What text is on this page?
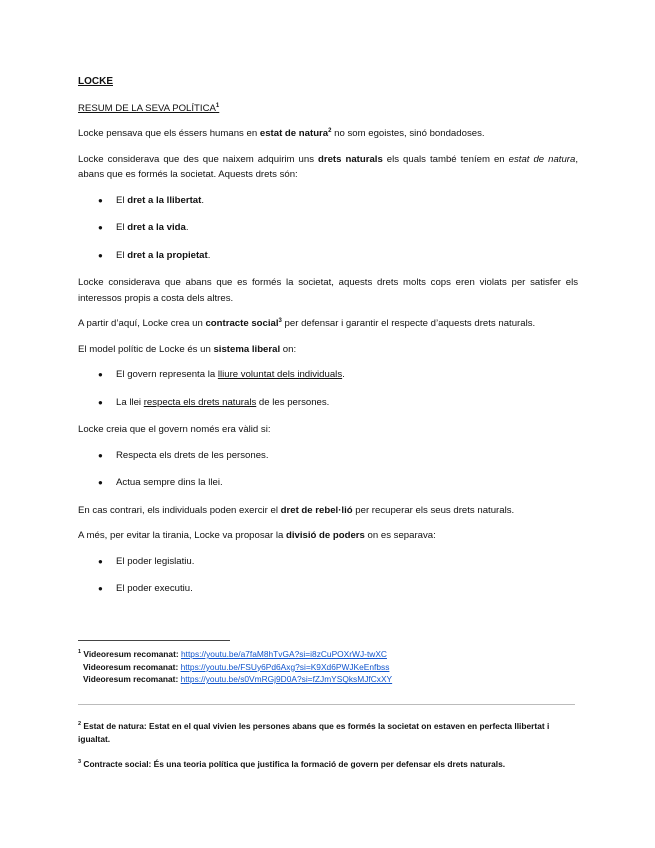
LOCKE
RESUM DE LA SEVA POLÍTICA$^1$

Locke pensava que els éssers humans en estat de natura$^2$ no som egoistes, sinó bondadoses.

Locke considerava que des que naixem adquirim uns drets naturals els quals també teníem en estat de natura, abans que es formés la societat. Aquests drets són:

● El dret a la llibertat.
● El dret a la vida.
● El dret a la propietat.

Locke considerava que abans que es formés la societat, aquests drets molts cops eren violats per satisfer els interessos propis a costa dels altres.

A partir d’aquí, Locke crea un contracte social$^3$ per defensar i garantir el respecte d’aquests drets naturals.

El model polític de Locke és un sistema liberal on:

● El govern representa la lliure voluntat dels individuals.
● La llei respecta els drets naturals de les persones.

Locke creia que el govern només era vàlid si:

● Respecta els drets de les persones.
● Actua sempre dins la llei.

En cas contrari, els individuals poden exercir el dret de rebel·lió per recuperar els seus drets naturals.

A més, per evitar la tirania, Locke va proposar la divisió de poders on es separava:

● El poder legislatiu.
● El poder executiu.
$^1$ Videoresum recomanat: https://youtu.be/a7faM8hTvGA?si=i8zCuPOXrWJ-twXC
Videoresum recomanat: https://youtu.be/FSUy6Pd6Axg?si=K9Xd6PWJKeEnfbss
Videoresum recomanat: https://youtu.be/s0VmRGj9D0A?si=fZJmYSQksMJfCxXY
$^2$ Estat de natura: Estat en el qual vivien les persones abans que es formés la societat on estaven en perfecta llibertat i igualtat.
$^3$ Contracte social: És una teoria política que justifica la formació de govern per defensar els drets naturals.
